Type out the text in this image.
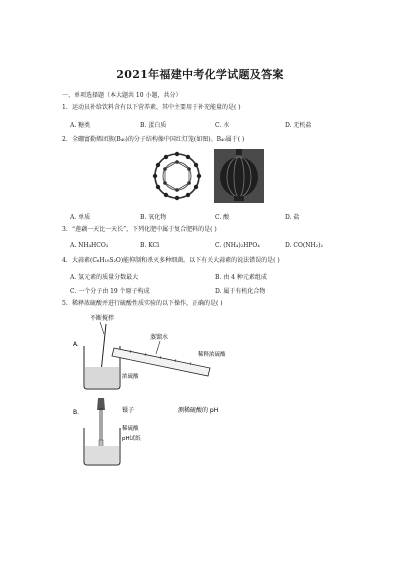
2021年福建中考化学试题及答案
一、单项选择题（本大题共 10 小题，共分）
1. 运动员补给饮料含有以下营养素，其中主要用于补充能量的是( )
A. 糖类	B. 蛋白质	C. 水	D. 无机盐
2. 全硼富勒烯团簇(B₄₀)的分子结构像中国红灯笼(如图)。B₄₀属于( )
A. 单质	B. 氧化物	C. 酸	D. 盐
3. “莲藕一天比一天长”，下列化肥中属于复合肥料的是( )
A. NH₄HCO₃	B. KCl	C. (NH₄)₂HPO₄	D. CO(NH₂)₂
4. 大蒜素(C₆H₁₀S₂O)能抑制和杀灭多种细菌。以下有关大蒜素的说法错误的是( )
A. 氢元素的质量分数最大	B. 由 4 种元素组成
C. 一个分子由 19 个原子构成	D. 属于有机化合物
5. 稀释浓硫酸并进行硫酸性质实验的以下操作，正确的是( )
A.
不断搅拌
浓硫酸
蒸馏水
稀释浓硫酸
B.	镊子
稀硫酸
pH试纸
测稀硫酸的 pH
